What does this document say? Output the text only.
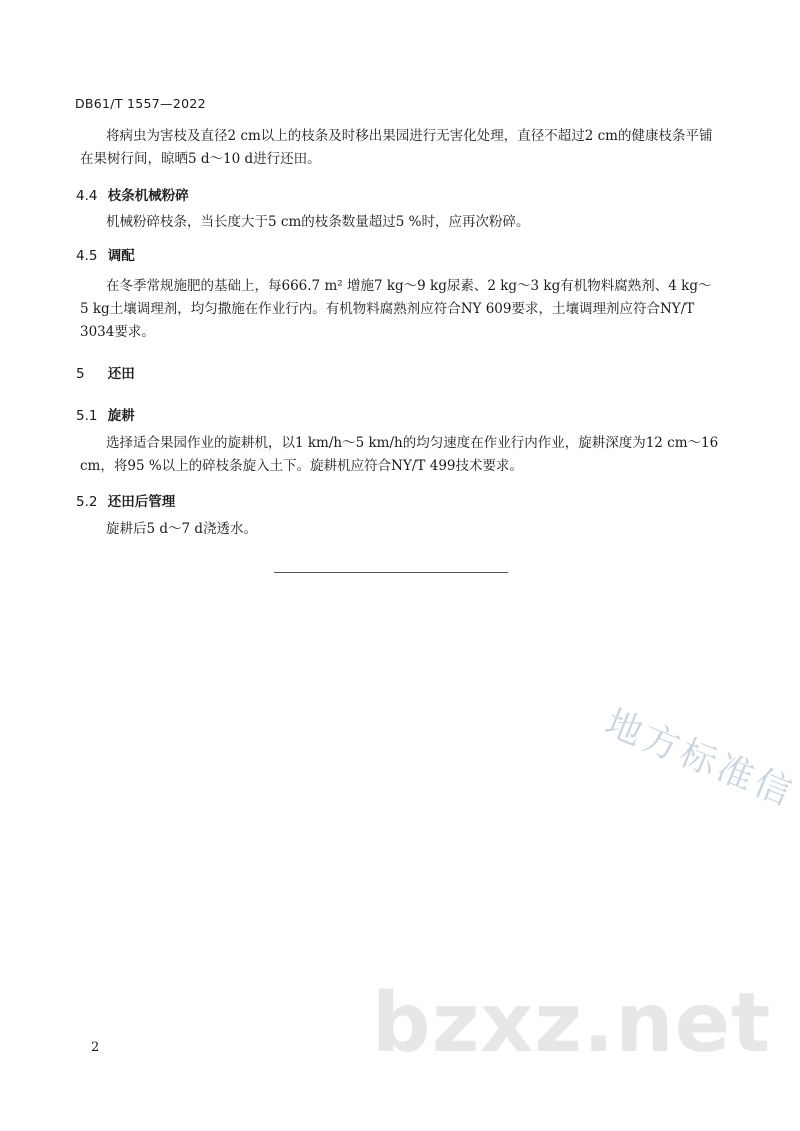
DB61/T 1557—2022
将病虫为害枝及直径2 cm以上的枝条及时移出果园进行无害化处理，直径不超过2 cm的健康枝条平铺在果树行间，晾晒5 d～10 d进行还田。
4.4 枝条机械粉碎
机械粉碎枝条，当长度大于5 cm的枝条数量超过5 %时，应再次粉碎。
4.5 调配
在冬季常规施肥的基础上，每666.7 m² 增施7 kg～9 kg尿素、2 kg～3 kg有机物料腐熟剂、4 kg～5 kg土壤调理剂，均匀撒施在作业行内。有机物料腐熟剂应符合NY 609要求，土壤调理剂应符合NY/T 3034要求。
5 还田
5.1 旋耕
选择适合果园作业的旋耕机，以1 km/h～5 km/h的均匀速度在作业行内作业，旋耕深度为12 cm～16 cm，将95 %以上的碎枝条旋入土下。旋耕机应符合NY/T 499技术要求。
5.2 还田后管理
旋耕后5 d～7 d浇透水。
地方标准信
bzxz.net
2
